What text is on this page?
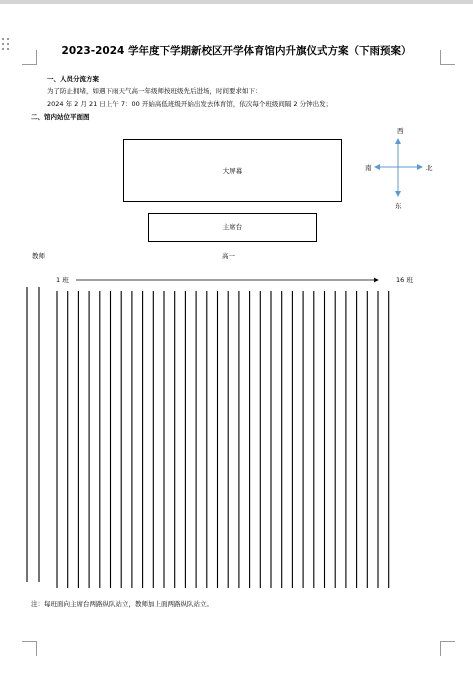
2023-2024 学年度下学期新校区开学体育馆内升旗仪式方案（下雨预案）
一、人员分流方案
为了防止拥堵，如遇下雨天气高一年级师按班级先后进场，时间要求如下：
2024 年 2 月 21 日上午 7：00 开始高低班级开始出发去体育馆，依次每个班级间隔 2 分钟出发；
二、馆内站位平面图
大屏幕
主席台
西
南	北
东
教师	高一
1 班	16 班
注：每班面向主席台两路纵队站立，教师加上面两路纵队站立。
